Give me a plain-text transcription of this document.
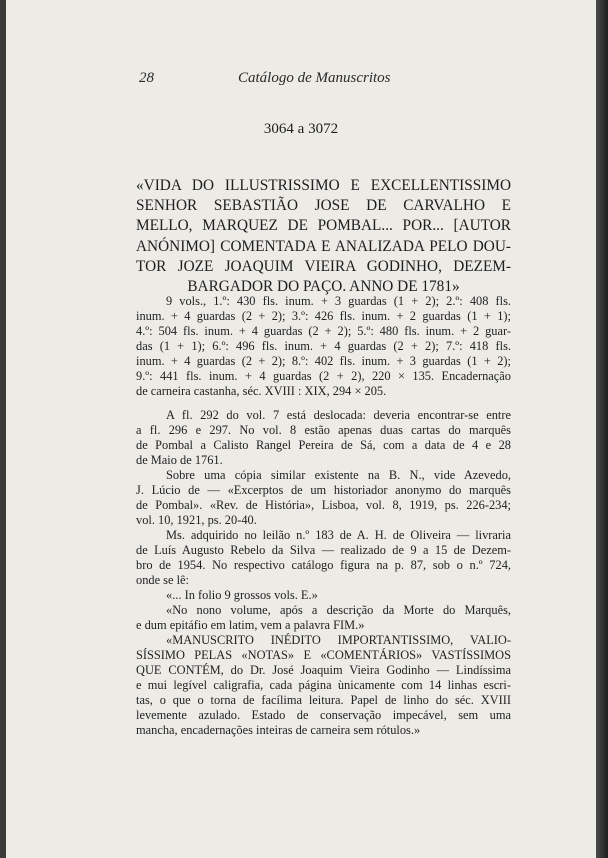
28	Catálogo de Manuscritos
3064 a 3072
«VIDA DO ILLUSTRISSIMO E EXCELLENTISSIMO
SENHOR SEBASTIÃO JOSE DE CARVALHO E
MELLO, MARQUEZ DE POMBAL... POR... [AUTOR
ANÓNIMO] COMENTADA E ANALIZADA PELO DOU-
TOR JOZE JOAQUIM VIEIRA GODINHO, DEZEM-
BARGADOR DO PAÇO. ANNO DE 1781»
9 vols., 1.º: 430 fls. inum. + 3 guardas (1 + 2); 2.º: 408 fls.
inum. + 4 guardas (2 + 2); 3.º: 426 fls. inum. + 2 guardas (1 + 1);
4.º: 504 fls. inum. + 4 guardas (2 + 2); 5.º: 480 fls. inum. + 2 guar-
das (1 + 1); 6.º: 496 fls. inum. + 4 guardas (2 + 2); 7.º: 418 fls.
inum. + 4 guardas (2 + 2); 8.º: 402 fls. inum. + 3 guardas (1 + 2);
9.º: 441 fls. inum. + 4 guardas (2 + 2), 220 × 135. Encadernação
de carneira castanha, séc. XVIII : XIX, 294 × 205.
A fl. 292 do vol. 7 está deslocada: deveria encontrar-se entre
a fl. 296 e 297. No vol. 8 estão apenas duas cartas do marquês
de Pombal a Calisto Rangel Pereira de Sá, com a data de 4 e 28
de Maio de 1761.
Sobre uma cópia similar existente na B. N., vide Azevedo,
J. Lúcio de — «Excerptos de um historiador anonymo do marquês
de Pombal». «Rev. de História», Lisboa, vol. 8, 1919, ps. 226-234;
vol. 10, 1921, ps. 20-40.
Ms. adquirido no leilão n.º 183 de A. H. de Oliveira — livraria
de Luís Augusto Rebelo da Silva — realizado de 9 a 15 de Dezem-
bro de 1954. No respectivo catálogo figura na p. 87, sob o n.º 724,
onde se lê:
«... In folio 9 grossos vols. E.»
«No nono volume, após a descrição da Morte do Marquês,
e dum epitáfio em latim, vem a palavra FIM.»
«MANUSCRITO INÉDITO IMPORTANTISSIMO, VALIO-
SÍSSIMO PELAS «NOTAS» E «COMENTÁRIOS» VASTÍSSIMOS
QUE CONTÉM, do Dr. José Joaquim Vieira Godinho — Lindíssima
e mui legível caligrafia, cada página ùnicamente com 14 linhas escri-
tas, o que o torna de facílima leitura. Papel de linho do séc. XVIII
levemente azulado. Estado de conservação impecável, sem uma
mancha, encadernações inteiras de carneira sem rótulos.»
